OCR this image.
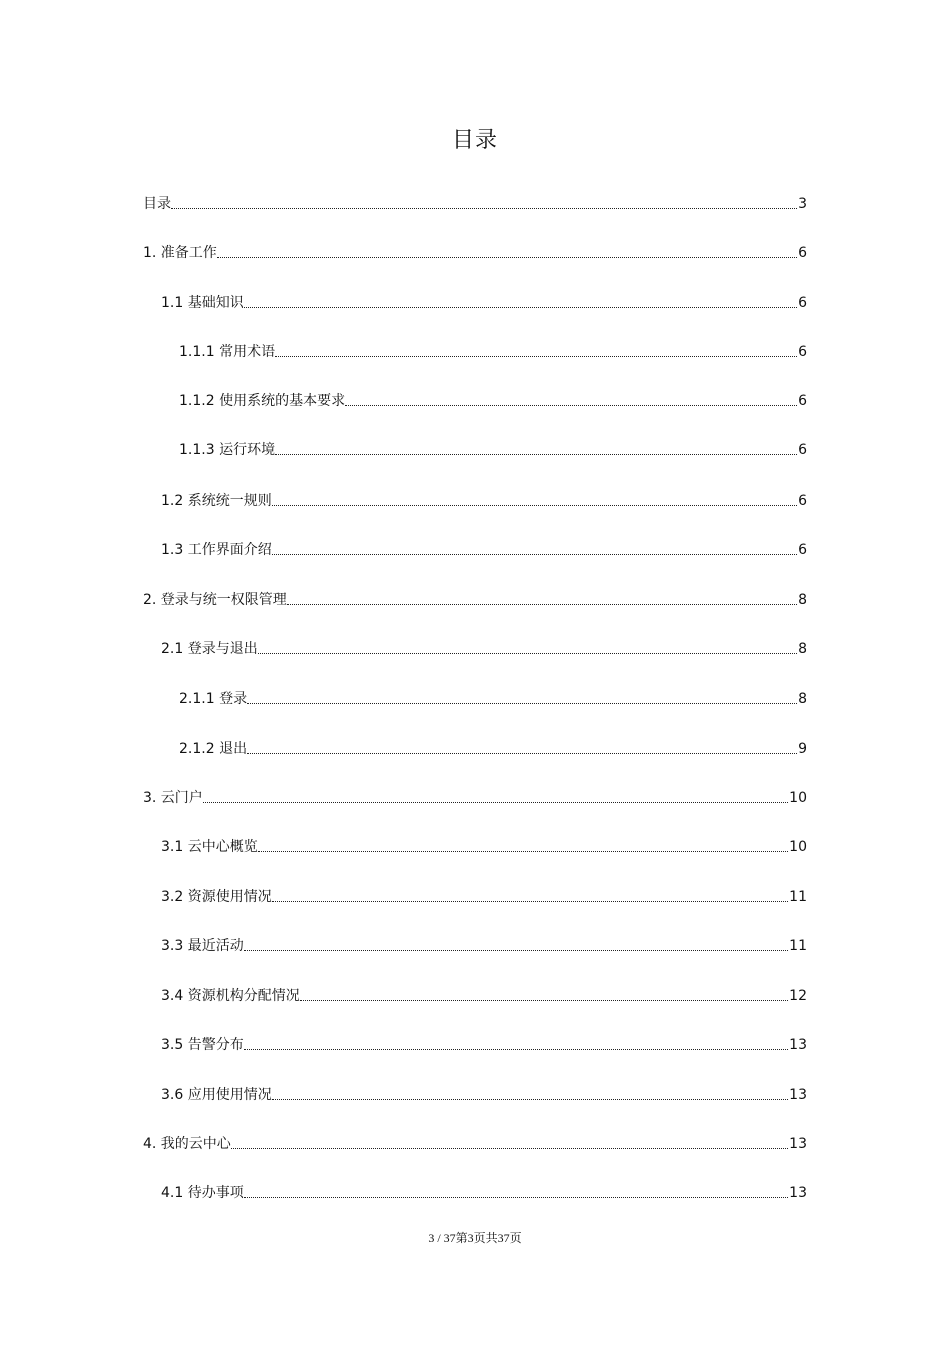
目录
目录	3
1. 准备工作	6
1.1 基础知识	6
1.1.1 常用术语	6
1.1.2 使用系统的基本要求	6
1.1.3 运行环境	6
1.2 系统统一规则	6
1.3 工作界面介绍	6
2. 登录与统一权限管理	8
2.1 登录与退出	8
2.1.1 登录	8
2.1.2 退出	9
3. 云门户	10
3.1 云中心概览	10
3.2 资源使用情况	11
3.3 最近活动	11
3.4 资源机构分配情况	12
3.5 告警分布	13
3.6 应用使用情况	13
4. 我的云中心	13
4.1 待办事项	13
3 / 37第3页共37页
